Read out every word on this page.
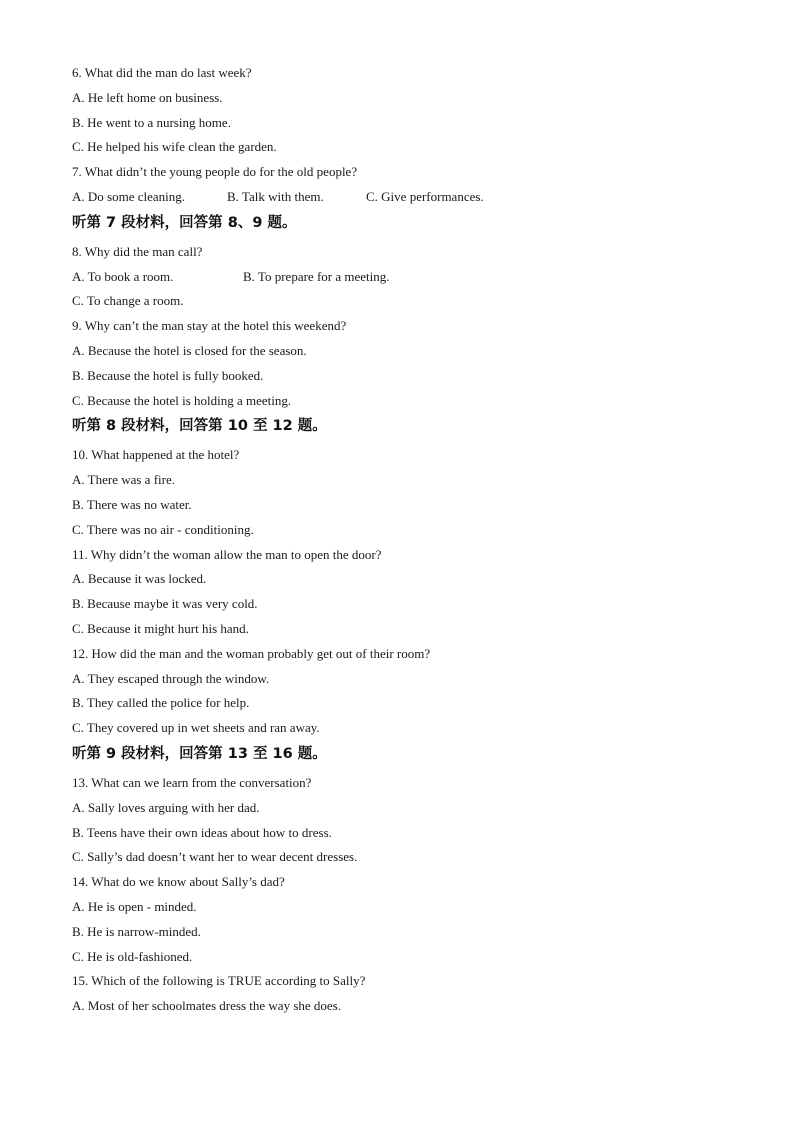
6. What did the man do last week?
A. He left home on business.
B. He went to a nursing home.
C. He helped his wife clean the garden.
7. What didn’t the young people do for the old people?
A. Do some cleaning.	B. Talk with them.	C. Give performances.
听第 7 段材料，回答第 8、9 题。
8. Why did the man call?
A. To book a room.	B. To prepare for a meeting.
C. To change a room.
9. Why can’t the man stay at the hotel this weekend?
A. Because the hotel is closed for the season.
B. Because the hotel is fully booked.
C. Because the hotel is holding a meeting.
听第 8 段材料，回答第 10 至 12 题。
10. What happened at the hotel?
A. There was a fire.
B. There was no water.
C. There was no air - conditioning.
11. Why didn’t the woman allow the man to open the door?
A. Because it was locked.
B. Because maybe it was very cold.
C. Because it might hurt his hand.
12. How did the man and the woman probably get out of their room?
A. They escaped through the window.
B. They called the police for help.
C. They covered up in wet sheets and ran away.
听第 9 段材料，回答第 13 至 16 题。
13. What can we learn from the conversation?
A. Sally loves arguing with her dad.
B. Teens have their own ideas about how to dress.
C. Sally’s dad doesn’t want her to wear decent dresses.
14. What do we know about Sally’s dad?
A. He is open - minded.
B. He is narrow-minded.
C. He is old-fashioned.
15. Which of the following is TRUE according to Sally?
A. Most of her schoolmates dress the way she does.
